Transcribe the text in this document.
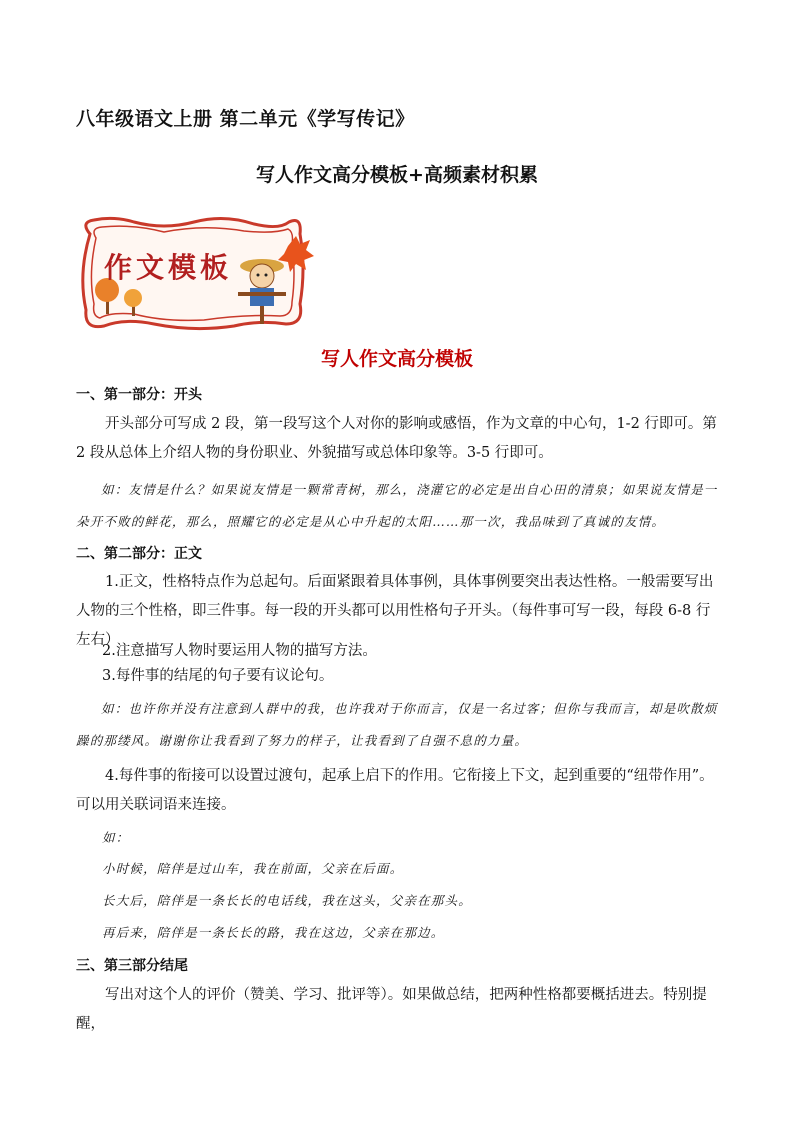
八年级语文上册 第二单元《学写传记》
写人作文高分模板+高频素材积累
作文模板
写人作文高分模板
一、第一部分：开头
开头部分可写成 2 段，第一段写这个人对你的影响或感悟，作为文章的中心句，1-2 行即可。第 2 段从总体上介绍人物的身份职业、外貌描写或总体印象等。3-5 行即可。
如：友情是什么？如果说友情是一颗常青树，那么，浇灌它的必定是出自心田的清泉；如果说友情是一朵开不败的鲜花，那么，照耀它的必定是从心中升起的太阳……那一次，我品味到了真诚的友情。
二、第二部分：正文
1.正文，性格特点作为总起句。后面紧跟着具体事例，具体事例要突出表达性格。一般需要写出人物的三个性格，即三件事。每一段的开头都可以用性格句子开头。（每件事可写一段，每段 6-8 行左右）
2.注意描写人物时要运用人物的描写方法。
3.每件事的结尾的句子要有议论句。
如：也许你并没有注意到人群中的我，也许我对于你而言，仅是一名过客；但你与我而言，却是吹散烦躁的那缕风。谢谢你让我看到了努力的样子，让我看到了自强不息的力量。
4.每件事的衔接可以设置过渡句，起承上启下的作用。它衔接上下文，起到重要的“纽带作用”。可以用关联词语来连接。
如：
小时候，陪伴是过山车，我在前面，父亲在后面。
长大后，陪伴是一条长长的电话线，我在这头，父亲在那头。
再后来，陪伴是一条长长的路，我在这边，父亲在那边。
三、第三部分结尾
写出对这个人的评价（赞美、学习、批评等）。如果做总结，把两种性格都要概括进去。特别提醒，
